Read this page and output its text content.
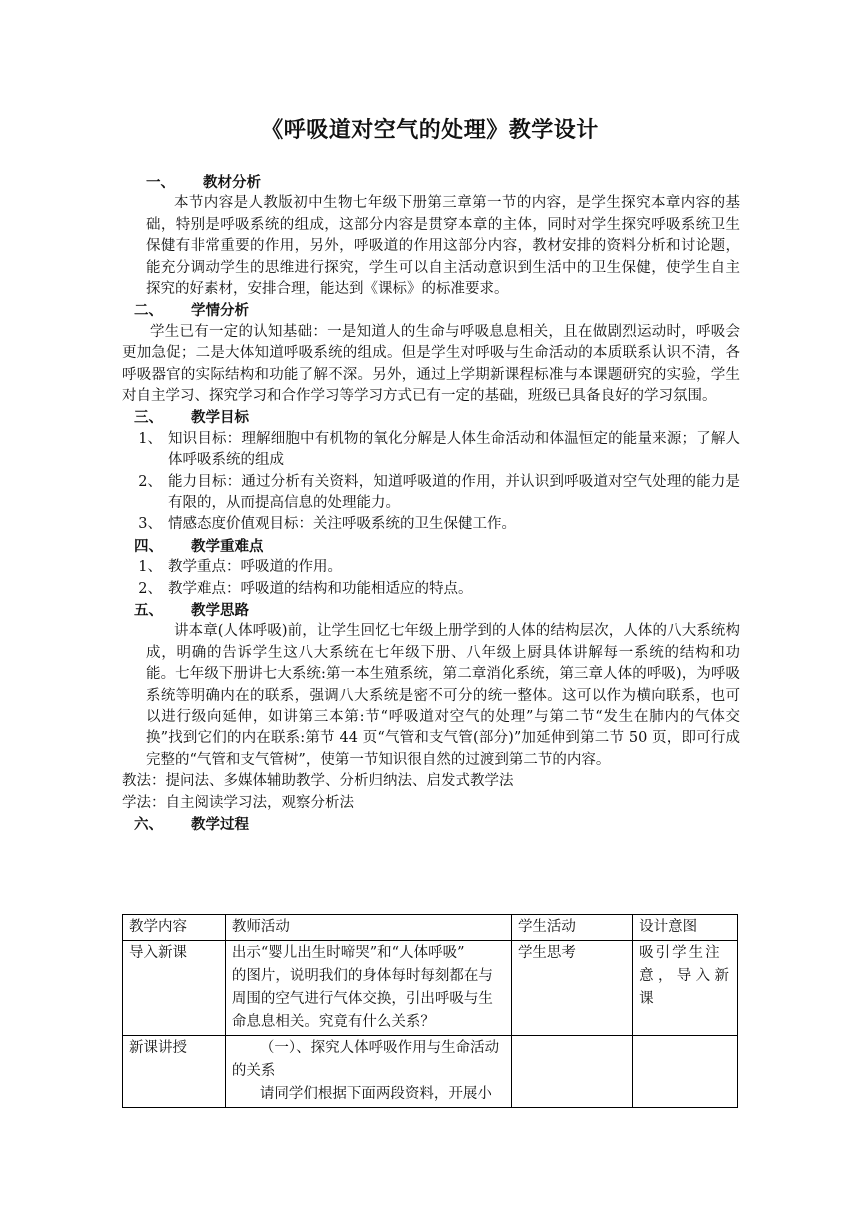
《呼吸道对空气的处理》教学设计
一、	教材分析
本节内容是人教版初中生物七年级下册第三章第一节的内容，是学生探究本章内容的基础，特别是呼吸系统的组成，这部分内容是贯穿本章的主体，同时对学生探究呼吸系统卫生保健有非常重要的作用，另外，呼吸道的作用这部分内容，教材安排的资料分析和讨论题，能充分调动学生的思维进行探究，学生可以自主活动意识到生活中的卫生保健，使学生自主探究的好素材，安排合理，能达到《课标》的标准要求。
二、	学情分析
学生已有一定的认知基础：一是知道人的生命与呼吸息息相关，且在做剧烈运动时，呼吸会更加急促；二是大体知道呼吸系统的组成。但是学生对呼吸与生命活动的本质联系认识不清，各呼吸器官的实际结构和功能了解不深。另外，通过上学期新课程标准与本课题研究的实验，学生对自主学习、探究学习和合作学习等学习方式已有一定的基础，班级已具备良好的学习氛围。
三、	教学目标
1、 知识目标：理解细胞中有机物的氧化分解是人体生命活动和体温恒定的能量来源；了解人体呼吸系统的组成
2、 能力目标：通过分析有关资料，知道呼吸道的作用，并认识到呼吸道对空气处理的能力是有限的，从而提高信息的处理能力。
3、 情感态度价值观目标：关注呼吸系统的卫生保健工作。
四、	教学重难点
1、 教学重点：呼吸道的作用。
2、 教学难点：呼吸道的结构和功能相适应的特点。
五、	教学思路
讲本章(人体呼吸)前，让学生回忆七年级上册学到的人体的结构层次，人体的八大系统构成，明确的告诉学生这八大系统在七年级下册、八年级上厨具体讲解每一系统的结构和功能。七年级下册讲七大系统:第一本生殖系统，第二章消化系统，第三章人体的呼吸)，为呼吸系统等明确内在的联系，强调八大系统是密不可分的统一整体。这可以作为横向联系，也可以进行级向延伸，如讲第三本第:节“呼吸道对空气的处理”与第二节“发生在肺内的气体交换”找到它们的内在联系:第节 44 页“气管和支气管(部分)”加延伸到第二节 50 页，即可行成完整的“气管和支气管树”，使第一节知识很自然的过渡到第二节的内容。
教法：提问法、多媒体辅助教学、分析归纳法、启发式教学法
学法：自主阅读学习法，观察分析法
六、	教学过程
教学内容	教师活动	学生活动	设计意图
导入新课	出示“婴儿出生时啼哭”和“人体呼吸”
的图片，说明我们的身体每时每刻都在与
周围的空气进行气体交换，引出呼吸与生
命息息相关。究竟有什么关系？	学生思考	吸引学生注
意，导入新课

新课讲授	（一）、探究人体呼吸作用与生命活动
的关系
请同学们根据下面两段资料，开展小		
